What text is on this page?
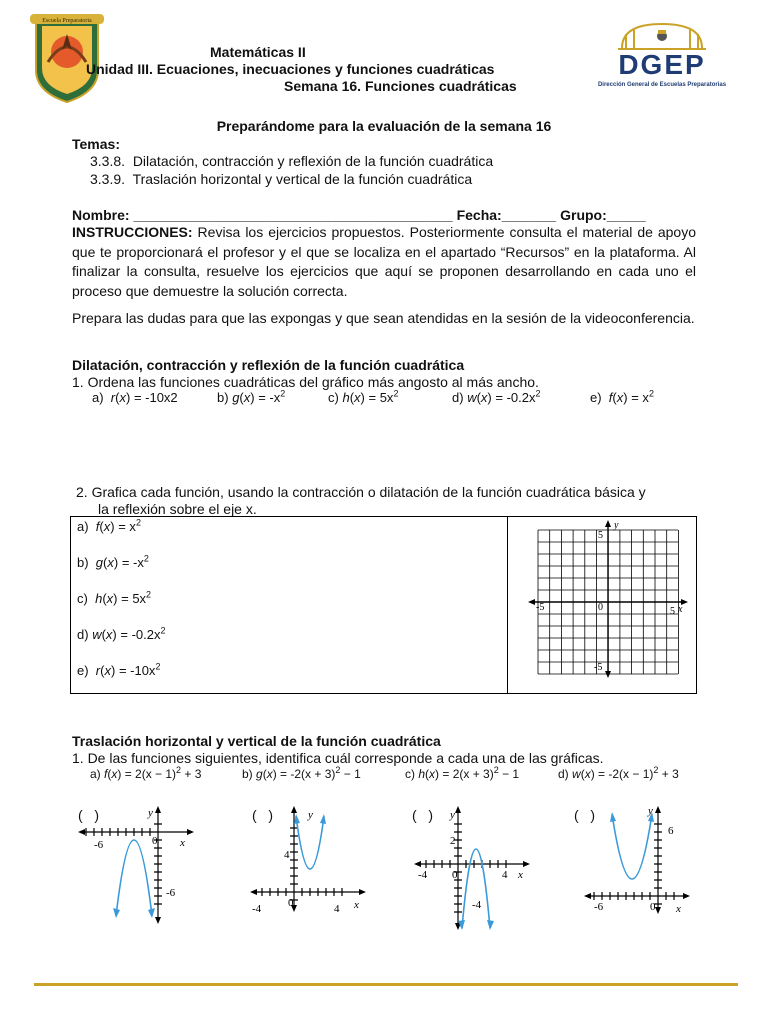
Escuela Preparatoria
Matemáticas II
Unidad III. Ecuaciones, inecuaciones y funciones cuadráticas
Semana 16. Funciones cuadráticas
DGEP
Dirección General de Escuelas Preparatorias
Preparándome para la evaluación de la semana 16
Temas:
3.3.8. Dilatación, contracción y reflexión de la función cuadrática
3.3.9. Traslación horizontal y vertical de la función cuadrática
Nombre: _________________________________________ Fecha:_______ Grupo:_____
INSTRUCCIONES: Revisa los ejercicios propuestos. Posteriormente consulta el material de apoyo que te proporcionará el profesor y el que se localiza en el apartado “Recursos” en la plataforma. Al finalizar la consulta, resuelve los ejercicios que aquí se proponen desarrollando en cada uno el proceso que demuestre la solución correcta.
Prepara las dudas para que las expongas y que sean atendidas en la sesión de la videoconferencia.
Dilatación, contracción y reflexión de la función cuadrática
1. Ordena las funciones cuadráticas del gráfico más angosto al más ancho.
a) r(x) = -10x2	b) $g(x) = -x^2$	c) $h(x) = 5x^2$	d) $w(x) = -0.2x^2$	e) $f(x) = x^2$
2. Grafica cada función, usando la contracción o dilatación de la función cuadrática básica y
la reflexión sobre el eje x.
a) $f(x) = x^2$
b) $g(x) = -x^2$
c) $h(x) = 5x^2$
d) $w(x) = -0.2x^2$
e) $r(x) = -10x^2$
y
x
5
-5	0	5
-5
Traslación horizontal y vertical de la función cuadrática
1. De las funciones siguientes, identifica cuál corresponde a cada una de las gráficas.
a) $f(x) = 2(x - 1)^2 + 3$	b) $g(x) = -2(x + 3)^2 - 1$	c) $h(x) = 2(x + 3)^2 - 1$	d) $w(x) = -2(x - 1)^2 + 3$
(   )	(   )	(   )	(   )
y
x
-6	0
-6
y
x
4
-4 0	4
y
x
2
-4 0	4
-4
y
x
6
-6	0
